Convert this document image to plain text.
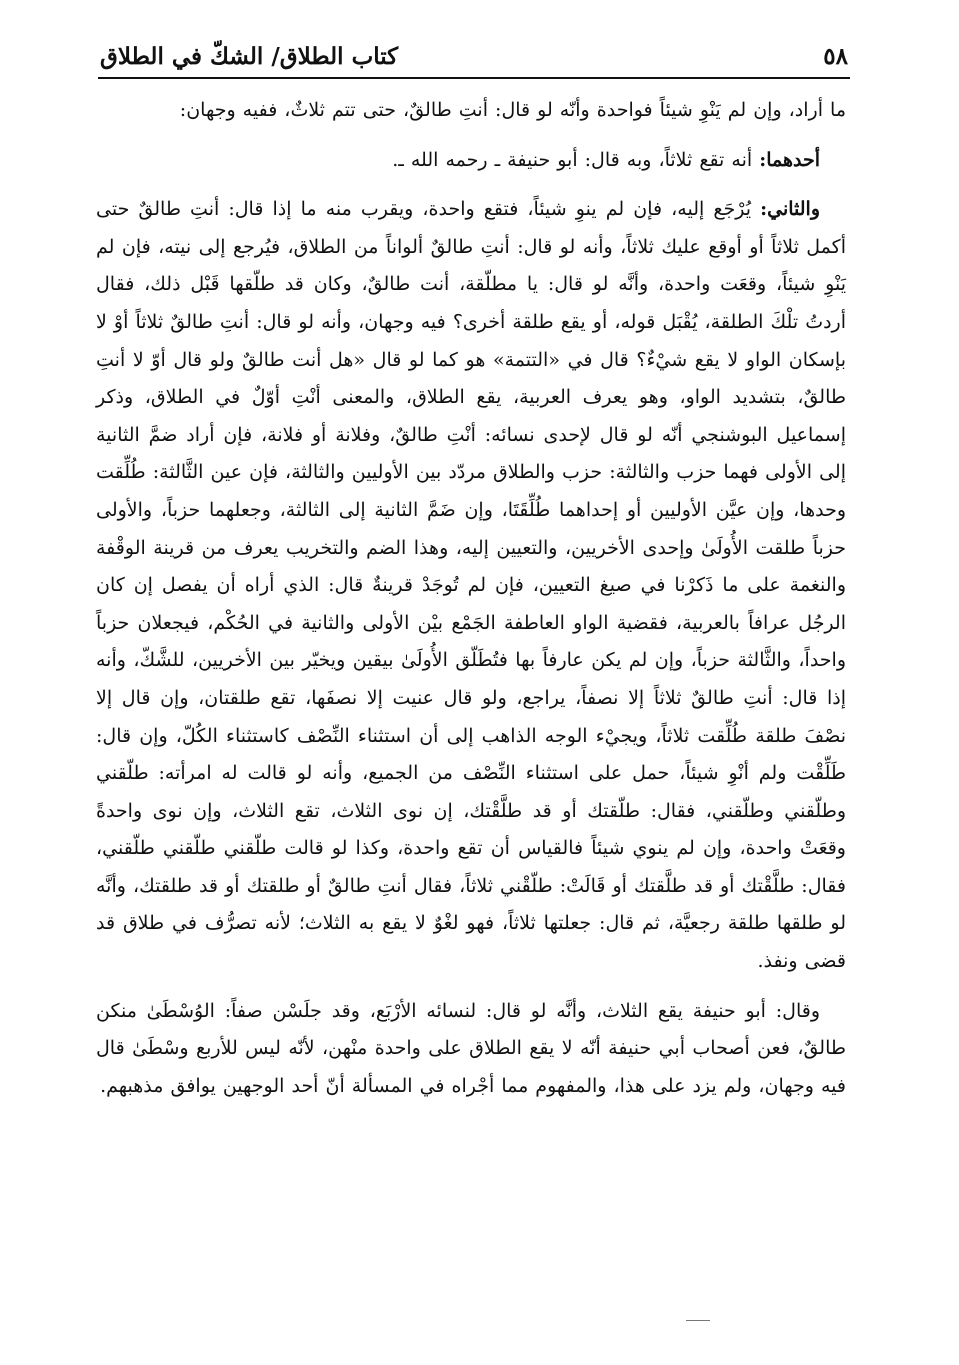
٥٨
كتاب الطلاق/ الشكّ في الطلاق

ما أراد، وإن لم يَنْوِ شيئاً فواحدة وأنّه لو قال: أنتِ طالقٌ، حتى تتم ثلاثٌ، ففيه وجهان:

أحدهما: أنه تقع ثلاثاً، وبه قال: أبو حنيفة ـ رحمه الله ـ.

والثاني: يُرْجَع إليه، فإن لم ينوِ شيئاً، فتقع واحدة، ويقرب منه ما إذا قال: أنتِ طالقٌ حتى أكمل ثلاثاً أو أوقع عليك ثلاثاً، وأنه لو قال: أنتِ طالقٌ ألواناً من الطلاق، فيُرجع إلى نيته، فإن لم يَنْوِ شيئاً، وقعَت واحدة، وأنَّه لو قال: يا مطلّقة، أنت طالقٌ، وكان قد طلّقها قَبْل ذلك، فقال أردتُ تلْكَ الطلقة، يُقْبَل قوله، أو يقع طلقة أخرى؟ فيه وجهان، وأنه لو قال: أنتِ طالقٌ ثلاثاً أوْ لا بإسكان الواو لا يقع شيْءٌ؟ قال في «التتمة» هو كما لو قال «هل أنت طالقٌ ولو قال أوّ لا أنتِ طالقٌ، بتشديد الواو، وهو يعرف العربية، يقع الطلاق، والمعنى أنْتِ أوّلٌ في الطلاق، وذكر إسماعيل البوشنجي أنّه لو قال لإحدى نسائه: أنْتِ طالقٌ، وفلانة أو فلانة، فإن أراد ضمَّ الثانية إلى الأولى فهما حزب والثالثة: حزب والطلاق مردّد بين الأوليين والثالثة، فإن عين الثَّالثة: طُلِّقت وحدها، وإن عيَّن الأوليين أو إحداهما طُلِّقَتَا، وإن ضَمَّ الثانية إلى الثالثة، وجعلهما حزباً، والأولى حزباً طلقت الأُولَىٰ وإحدى الأخريين، والتعيين إليه، وهذا الضم والتخريب يعرف من قرينة الوقْفة والنغمة على ما ذَكرْنا في صيغ التعيين، فإن لم تُوجَدْ قرينةٌ قال: الذي أراه أن يفصل إن كان الرجُل عرافاً بالعربية، فقضية الواو العاطفة الجَمْع بيْن الأولى والثانية في الحُكْم، فيجعلان حزباً واحداً، والثَّالثة حزباً، وإن لم يكن عارفاً بها فتُطَلّق الأُولَىٰ بيقين ويخيّر بين الأخريين، للشَّكّ، وأنه إذا قال: أنتِ طالقٌ ثلاثاً إلا نصفاً، يراجع، ولو قال عنيت إلا نصفَها، تقع طلقتان، وإن قال إلا نصْفَ طلقة طُلِّقت ثلاثاً، ويجيْء الوجه الذاهب إلى أن استثناء النِّصْف كاستثناء الكُلّ، وإن قال: طَلِّقْت ولم أنْوِ شيئاً، حمل على استثناء النِّصْف من الجميع، وأنه لو قالت له امرأته: طلّقني وطلّقني وطلّقني، فقال: طلّقتك أو قد طلَّقْتك، إن نوى الثلاث، تقع الثلاث، وإن نوى واحدةً وقعَتْ واحدة، وإن لم ينوي شيئاً فالقياس أن تقع واحدة، وكذا لو قالت طلّقني طلّقني طلّقني، فقال: طلَّقْتك أو قد طلَّقتك أو قَالَتْ: طلّقْني ثلاثاً، فقال أنتِ طالقٌ أو طلقتك أو قد طلقتك، وأنَّه لو طلقها طلقة رجعيَّة، ثم قال: جعلتها ثلاثاً، فهو لغْوٌ لا يقع به الثلاث؛ لأنه تصرُّف في طلاق قد قضى ونفذ.

وقال: أبو حنيفة يقع الثلاث، وأنَّه لو قال: لنسائه الأرْبَع، وقد جلَسْن صفاً: الوُسْطَىٰ منكن طالقٌ، فعن أصحاب أبي حنيفة أنّه لا يقع الطلاق على واحدة منْهن، لأنّه ليس للأربع وسْطَىٰ قال فيه وجهان، ولم يزد على هذا، والمفهوم مما أجْراه في المسألة أنّ أحد الوجهين يوافق مذهبهم.
